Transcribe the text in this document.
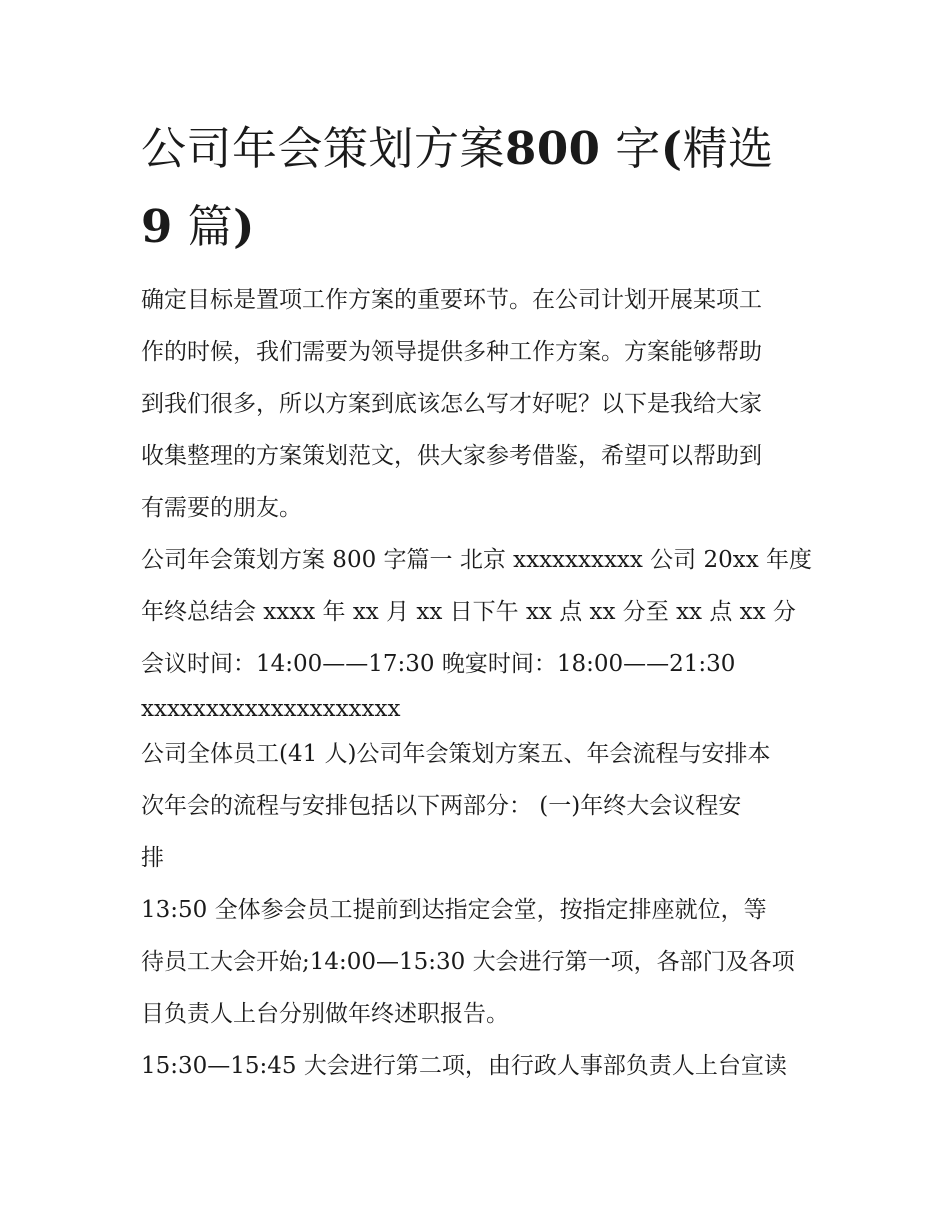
公司年会策划方案800 字(精选
9 篇)

确定目标是置项工作方案的重要环节。在公司计划开展某项工

作的时候，我们需要为领导提供多种工作方案。方案能够帮助

到我们很多，所以方案到底该怎么写才好呢？以下是我给大家

收集整理的方案策划范文，供大家参考借鉴，希望可以帮助到

有需要的朋友。

公司年会策划方案 800 字篇一 北京 xxxxxxxxxx 公司 20xx 年度

年终总结会 xxxx 年 xx 月 xx 日下午 xx 点 xx 分至 xx 点 xx 分

会议时间：14:00——17:30 晚宴时间：18:00——21:30

xxxxxxxxxxxxxxxxxxxx

公司全体员工(41 人)公司年会策划方案五、年会流程与安排本

次年会的流程与安排包括以下两部分： (一)年终大会议程安

排

13:50 全体参会员工提前到达指定会堂，按指定排座就位，等

待员工大会开始;14:00—15:30 大会进行第一项，各部门及各项

目负责人上台分别做年终述职报告。

15:30—15:45 大会进行第二项，由行政人事部负责人上台宣读
